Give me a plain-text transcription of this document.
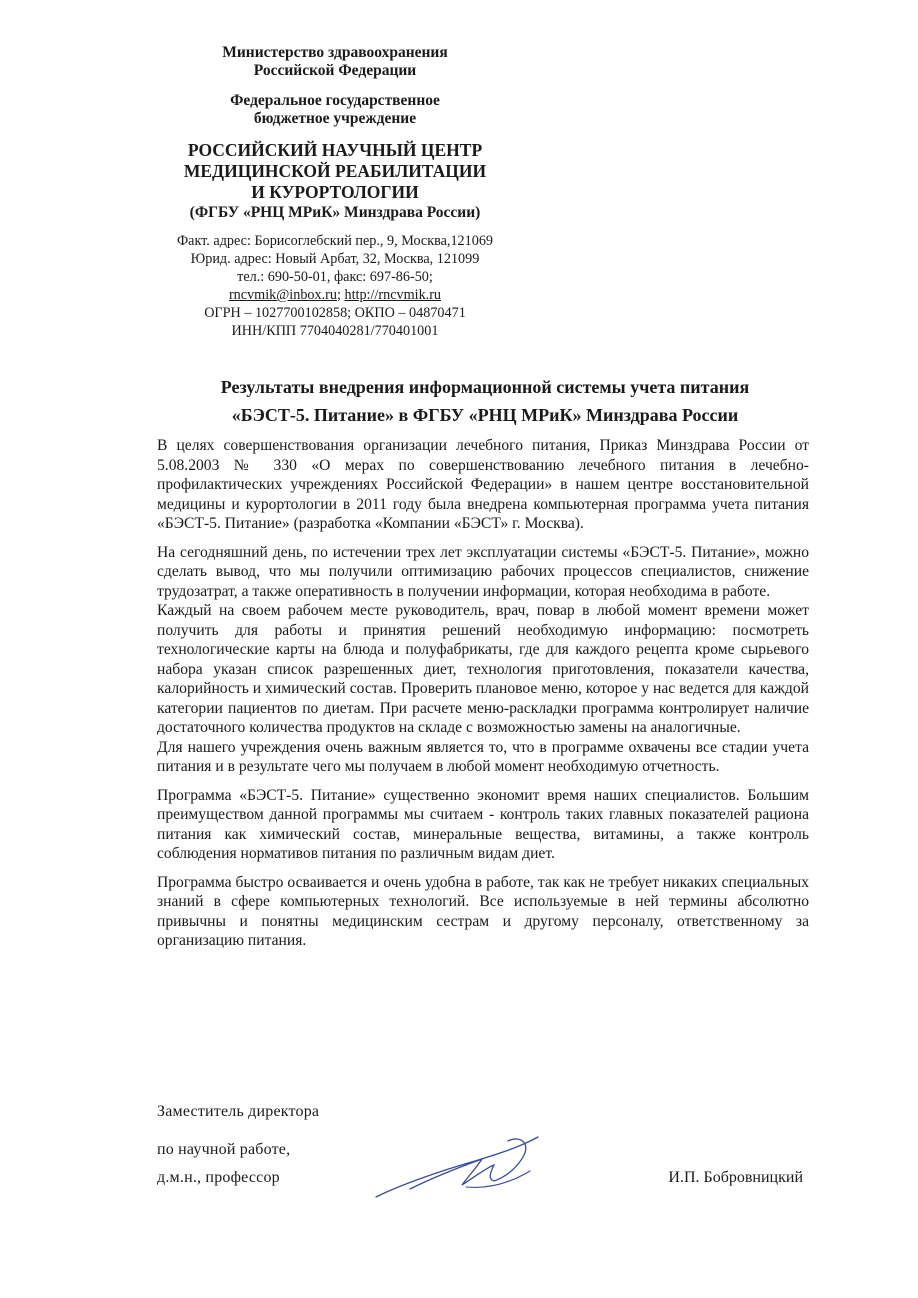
Министерство здравоохранения

Российской Федерации

Федеральное государственное

бюджетное учреждение

РОССИЙСКИЙ НАУЧНЫЙ ЦЕНТР

МЕДИЦИНСКОЙ РЕАБИЛИТАЦИИ

И КУРОРТОЛОГИИ

(ФГБУ «РНЦ МРиК» Минздрава России)

Факт. адрес: Борисоглебский пер., 9, Москва,121069

Юрид. адрес: Новый Арбат, 32, Москва, 121099

тел.: 690-50-01, факс: 697-86-50;

rncvmik@inbox.ru; http://rncvmik.ru

ОГРН – 1027700102858; ОКПО – 04870471

ИНН/КПП 7704040281/770401001

Результаты внедрения информационной системы учета питания

«БЭСТ-5. Питание» в ФГБУ «РНЦ МРиК» Минздрава России

В целях совершенствования организации лечебного питания, Приказ Минздрава России от 5.08.2003 № 330 «О мерах по совершенствованию лечебного питания в лечебно-профилактических учреждениях Российской Федерации» в нашем центре восстановительной медицины и курортологии в 2011 году была внедрена компьютерная программа учета питания «БЭСТ-5. Питание» (разработка «Компании «БЭСТ» г. Москва).

На сегодняшний день, по истечении трех лет эксплуатации системы «БЭСТ-5. Питание», можно сделать вывод, что мы получили оптимизацию рабочих процессов специалистов, снижение трудозатрат, а также оперативность в получении информации, которая необходима в работе.

Каждый на своем рабочем месте руководитель, врач, повар в любой момент времени может получить для работы и принятия решений необходимую информацию: посмотреть технологические карты на блюда и полуфабрикаты, где для каждого рецепта кроме сырьевого набора указан список разрешенных диет, технология приготовления, показатели качества, калорийность и химический состав. Проверить плановое меню, которое у нас ведется для каждой категории пациентов по диетам. При расчете меню-раскладки программа контролирует наличие достаточного количества продуктов на складе с возможностью замены на аналогичные.

Для нашего учреждения очень важным является то, что в программе охвачены все стадии учета питания и в результате чего мы получаем в любой момент необходимую отчетность.

Программа «БЭСТ-5. Питание» существенно экономит время наших специалистов. Большим преимуществом данной программы мы считаем - контроль таких главных показателей рациона питания как химический состав, минеральные вещества, витамины, а также контроль соблюдения нормативов питания по различным видам диет.

Программа быстро осваивается и очень удобна в работе, так как не требует никаких специальных знаний в сфере компьютерных технологий. Все используемые в ней термины абсолютно привычны и понятны медицинским сестрам и другому персоналу, ответственному за организацию питания.

Заместитель директора

по научной работе,

д.м.н., профессор	И.П. Бобровницкий
